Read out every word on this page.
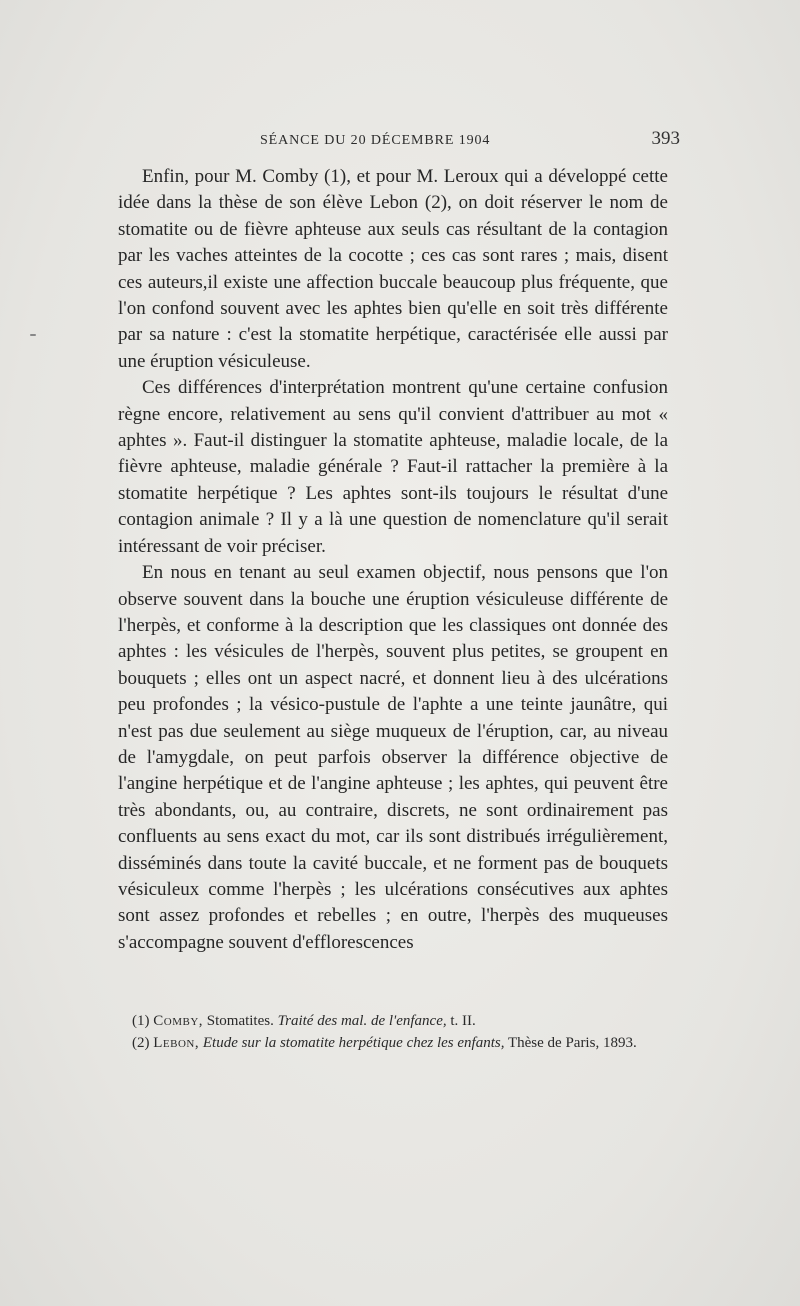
SÉANCE DU 20 DÉCEMBRE 1904	393

Enfin, pour M. Comby (1), et pour M. Leroux qui a développé cette idée dans la thèse de son élève Lebon (2), on doit réserver le nom de stomatite ou de fièvre aphteuse aux seuls cas résultant de la contagion par les vaches atteintes de la cocotte ; ces cas sont rares ; mais, disent ces auteurs,il existe une affection buccale beaucoup plus fréquente, que l'on confond souvent avec les aphtes bien qu'elle en soit très différente par sa nature : c'est la stomatite herpétique, caractérisée elle aussi par une éruption vésiculeuse.

Ces différences d'interprétation montrent qu'une certaine confusion règne encore, relativement au sens qu'il convient d'attribuer au mot « aphtes ». Faut-il distinguer la stomatite aphteuse, maladie locale, de la fièvre aphteuse, maladie générale ? Faut-il rattacher la première à la stomatite herpétique ? Les aphtes sont-ils toujours le résultat d'une contagion animale ? Il y a là une question de nomenclature qu'il serait intéressant de voir préciser.

En nous en tenant au seul examen objectif, nous pensons que l'on observe souvent dans la bouche une éruption vésiculeuse différente de l'herpès, et conforme à la description que les classiques ont donnée des aphtes : les vésicules de l'herpès, souvent plus petites, se groupent en bouquets ; elles ont un aspect nacré, et donnent lieu à des ulcérations peu profondes ; la vésico-pustule de l'aphte a une teinte jaunâtre, qui n'est pas due seulement au siège muqueux de l'éruption, car, au niveau de l'amygdale, on peut parfois observer la différence objective de l'angine herpétique et de l'angine aphteuse ; les aphtes, qui peuvent être très abondants, ou, au contraire, discrets, ne sont ordinairement pas confluents au sens exact du mot, car ils sont distribués irrégulièrement, disséminés dans toute la cavité buccale, et ne forment pas de bouquets vésiculeux comme l'herpès ; les ulcérations consécutives aux aphtes sont assez profondes et rebelles ; en outre, l'herpès des muqueuses s'accompagne souvent d'efflorescences

(1) Comby, Stomatites. Traité des mal. de l'enfance, t. II.

(2) Lebon, Etude sur la stomatite herpétique chez les enfants, Thèse de Paris, 1893.
